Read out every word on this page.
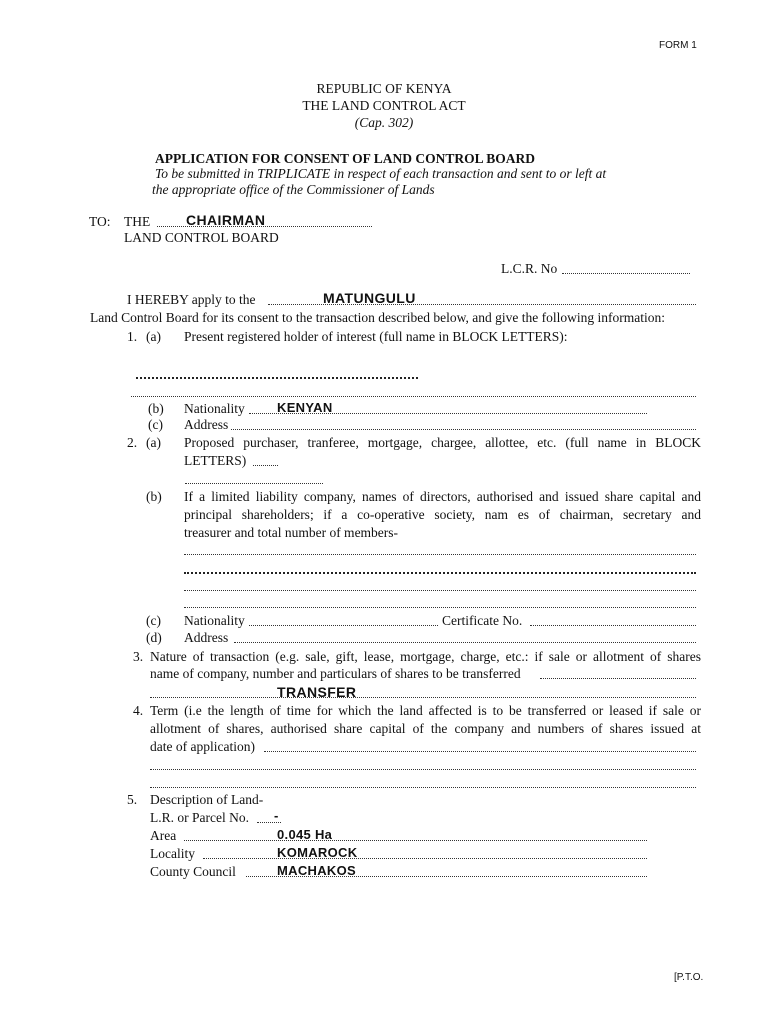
FORM 1
REPUBLIC OF KENYA
THE LAND CONTROL ACT
(Cap. 302)
APPLICATION FOR CONSENT OF LAND CONTROL BOARD
To be submitted in TRIPLICATE in respect of each transaction and sent to or left at
the appropriate office of the Commissioner of Lands
TO: THE	CHAIRMAN
LAND CONTROL BOARD
L.C.R. No
I HEREBY apply to the	MATUNGULU
Land Control Board for its consent to the transaction described below, and give the following information:
1. (a) Present registered holder of interest (full name in BLOCK LETTERS):
(b) Nationality KENYAN
(c) Address
2. (a) Proposed purchaser, tranferee, mortgage, chargee, allottee, etc. (full name in BLOCK
LETTERS)
(b) If a limited liability company, names of directors, authorised and issued share capital and
principal shareholders; if a co-operative society, nam es of chairman, secretary and
treasurer and total number of members-
(c) Nationality	Certificate No.
(d) Address
3. Nature of transaction (e.g. sale, gift, lease, mortgage, charge, etc.: if sale or allotment of shares
name of company, number and particulars of shares to be transferred
TRANSFER
4. Term (i.e the length of time for which the land affected is to be transferred or leased if sale or
allotment of shares, authorised share capital of the company and numbers of shares issued at
date of application)
5. Description of Land-
L.R. or Parcel No. -
Area	0.045 Ha
Locality	KOMAROCK
County Council	MACHAKOS
[P.T.O.
